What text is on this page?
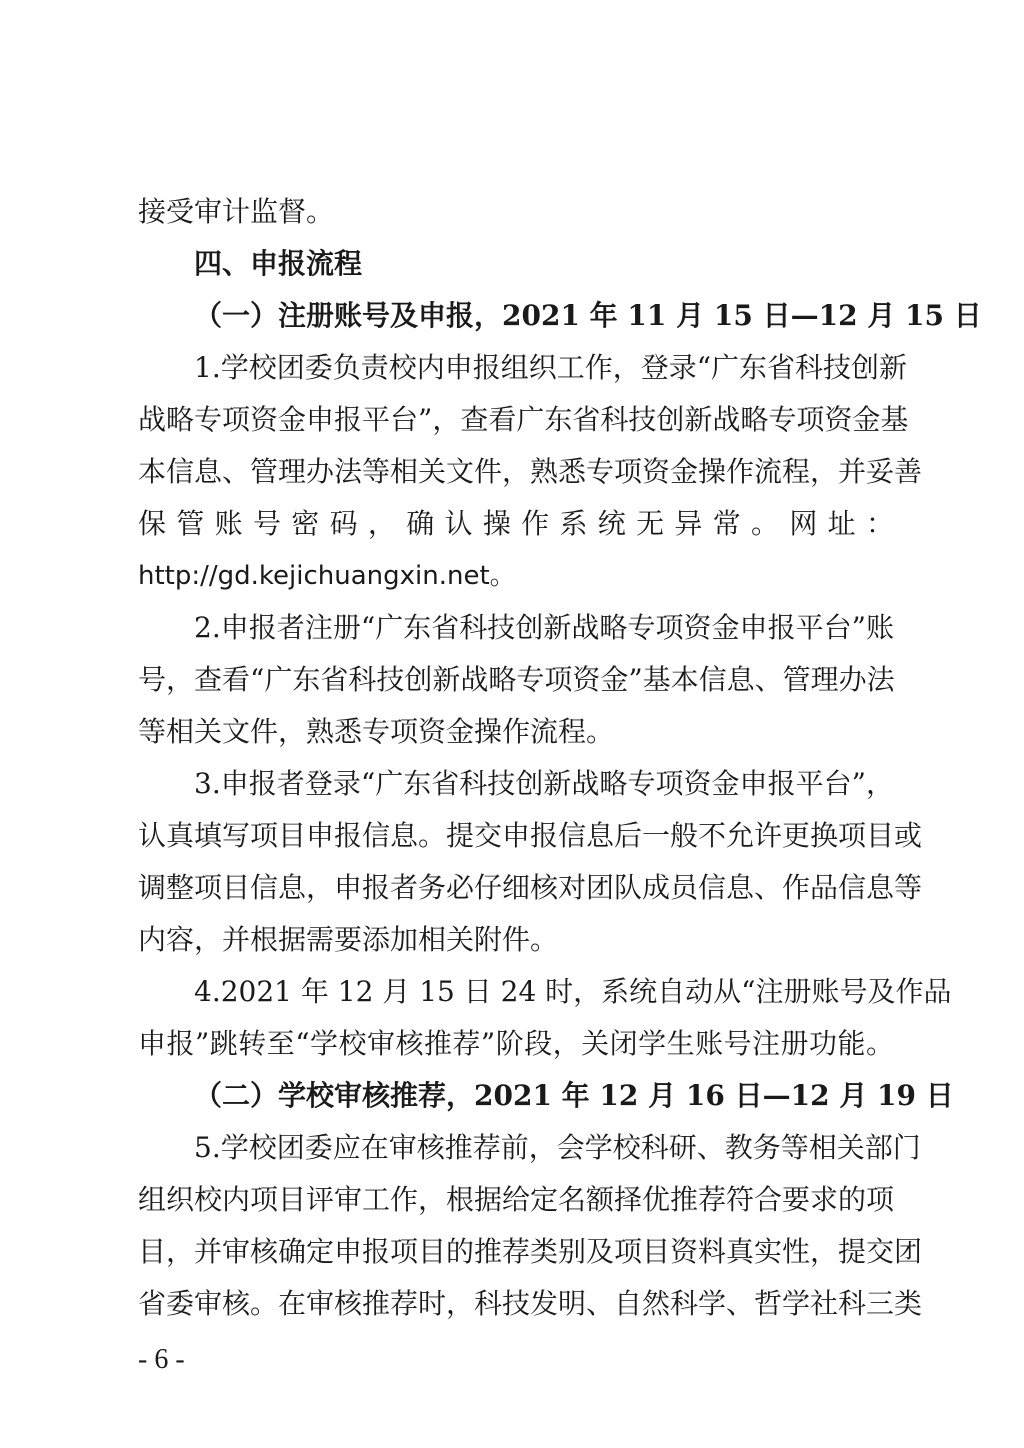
接受审计监督。
四、申报流程
（一）注册账号及申报，2021 年 11 月 15 日—12 月 15 日
1.学校团委负责校内申报组织工作，登录“广东省科技创新
战略专项资金申报平台”，查看广东省科技创新战略专项资金基
本信息、管理办法等相关文件，熟悉专项资金操作流程，并妥善
保管账号密码，确认操作系统无异常。网址：
http://gd.kejichuangxin.net。
2.申报者注册“广东省科技创新战略专项资金申报平台”账
号，查看“广东省科技创新战略专项资金”基本信息、管理办法
等相关文件，熟悉专项资金操作流程。
3.申报者登录“广东省科技创新战略专项资金申报平台”，
认真填写项目申报信息。提交申报信息后一般不允许更换项目或
调整项目信息，申报者务必仔细核对团队成员信息、作品信息等
内容，并根据需要添加相关附件。
4.2021 年 12 月 15 日 24 时，系统自动从“注册账号及作品
申报”跳转至“学校审核推荐”阶段，关闭学生账号注册功能。
（二）学校审核推荐，2021 年 12 月 16 日—12 月 19 日
5.学校团委应在审核推荐前，会学校科研、教务等相关部门
组织校内项目评审工作，根据给定名额择优推荐符合要求的项
目，并审核确定申报项目的推荐类别及项目资料真实性，提交团
省委审核。在审核推荐时，科技发明、自然科学、哲学社科三类
- 6 -
